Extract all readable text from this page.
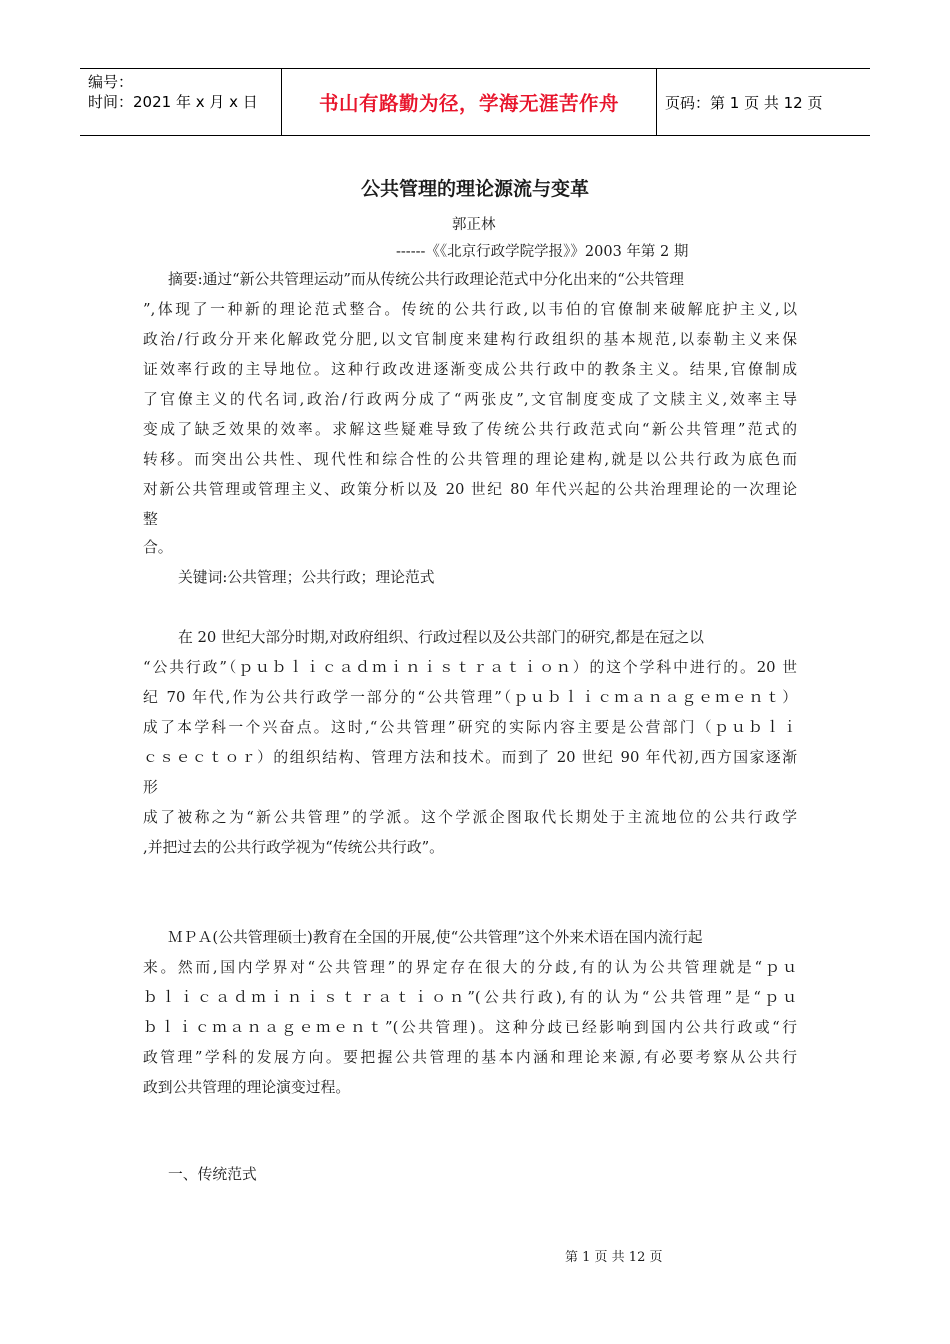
编号：
时间：2021 年 x 月 x 日	书山有路勤为径，学海无涯苦作舟	页码：第 1 页 共 12 页
公共管理的理论源流与变革
郭正林
------《《北京行政学院学报》》2003 年第 2 期
摘要:通过“新公共管理运动”而从传统公共行政理论范式中分化出来的“公共管理
”,体现了一种新的理论范式整合。传统的公共行政,以韦伯的官僚制来破解庇护主义,以
政治/行政分开来化解政党分肥,以文官制度来建构行政组织的基本规范,以泰勒主义来保
证效率行政的主导地位。这种行政改进逐渐变成公共行政中的教条主义。结果,官僚制成
了官僚主义的代名词,政治/行政两分成了“两张皮”,文官制度变成了文牍主义,效率主导
变成了缺乏效果的效率。求解这些疑难导致了传统公共行政范式向“新公共管理”范式的
转移。而突出公共性、现代性和综合性的公共管理的理论建构,就是以公共行政为底色而
对新公共管理或管理主义、政策分析以及 20 世纪 80 年代兴起的公共治理理论的一次理论
整
合。
关键词:公共管理；公共行政；理论范式
在 20 世纪大部分时期,对政府组织、行政过程以及公共部门的研究,都是在冠之以
“公共行政”（ｐｕｂｌｉｃａｄｍｉｎｉｓｔｒａｔｉｏｎ）的这个学科中进行的。20 世
纪 70 年代,作为公共行政学一部分的“公共管理”（ｐｕｂｌｉｃｍａｎａｇｅｍｅｎｔ）
成了本学科一个兴奋点。这时,“公共管理”研究的实际内容主要是公营部门（ｐｕｂｌｉ
ｃｓｅｃｔｏｒ）的组织结构、管理方法和技术。而到了 20 世纪 90 年代初,西方国家逐渐
形
成了被称之为“新公共管理”的学派。这个学派企图取代长期处于主流地位的公共行政学
,并把过去的公共行政学视为“传统公共行政”。
ＭＰＡ(公共管理硕士)教育在全国的开展,使“公共管理”这个外来术语在国内流行起
来。然而,国内学界对“公共管理”的界定存在很大的分歧,有的认为公共管理就是“ｐｕ
ｂｌｉｃａｄｍｉｎｉｓｔｒａｔｉｏｎ”(公共行政),有的认为“公共管理”是“ｐｕ
ｂｌｉｃｍａｎａｇｅｍｅｎｔ”(公共管理)。这种分歧已经影响到国内公共行政或“行
政管理”学科的发展方向。要把握公共管理的基本内涵和理论来源,有必要考察从公共行
政到公共管理的理论演变过程。
一、传统范式
第 1 页 共 12 页
